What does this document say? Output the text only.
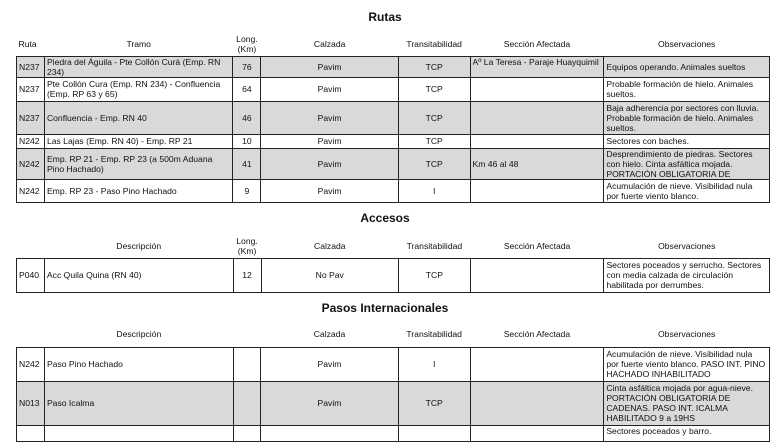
Rutas
Ruta	Tramo	Long. (Km)	Calzada	Transitabilidad	Sección Afectada	Observaciones
N237	Piedra del Águila - Pte Collón Curá (Emp. RN 234)	76	Pavim	TCP	Aº La Teresa - Paraje Huayquimil	Equipos operando. Animales sueltos
N237	Pte Collón Cura (Emp. RN 234) - Confluencia (Emp. RP 63 y 65)	64	Pavim	TCP		Probable formación de hielo. Animales sueltos.
N237	Confluencia - Emp. RN 40	46	Pavim	TCP		Baja adherencia por sectores con lluvia. Probable formación de hielo. Animales sueltos.
N242	Las Lajas (Emp. RN 40) - Emp. RP 21	10	Pavim	TCP		Sectores con baches.
N242	Emp. RP 21 - Emp. RP 23 (a 500m Aduana Pino Hachado)	41	Pavim	TCP	Km 46 al 48	Desprendimiento de piedras. Sectores con hielo. Cinta asfáltica mojada. PORTACIÓN OBLIGATORIA DE

N242	Emp. RP 23 - Paso Pino Hachado	9	Pavim	I		Acumulación de nieve. Visibilidad nula por fuerte viento blanco.
Accesos
	Descripción	Long. (Km)	Calzada	Transitabilidad	Sección Afectada	Observaciones
P040	Acc Quila Quina (RN 40)	12	No Pav	TCP		Sectores poceados y serrucho. Sectores con media calzada de circulación habilitada por derrumbes.
Pasos Internacionales
	Descripción		Calzada	Transitabilidad	Sección Afectada	Observaciones
N242	Paso Pino Hachado		Pavim	I		Acumulación de nieve. Visibilidad nula por fuerte viento blanco. PASO INT. PINO HACHADO INHABILITADO
N013	Paso Icalma		Pavim	TCP		Cinta asfáltica mojada por agua-nieve. PORTACIÓN OBLIGATORIA DE CADENAS. PASO INT. ICALMA HABILITADO 9 a 19HS

						Sectores poceados y barro.
